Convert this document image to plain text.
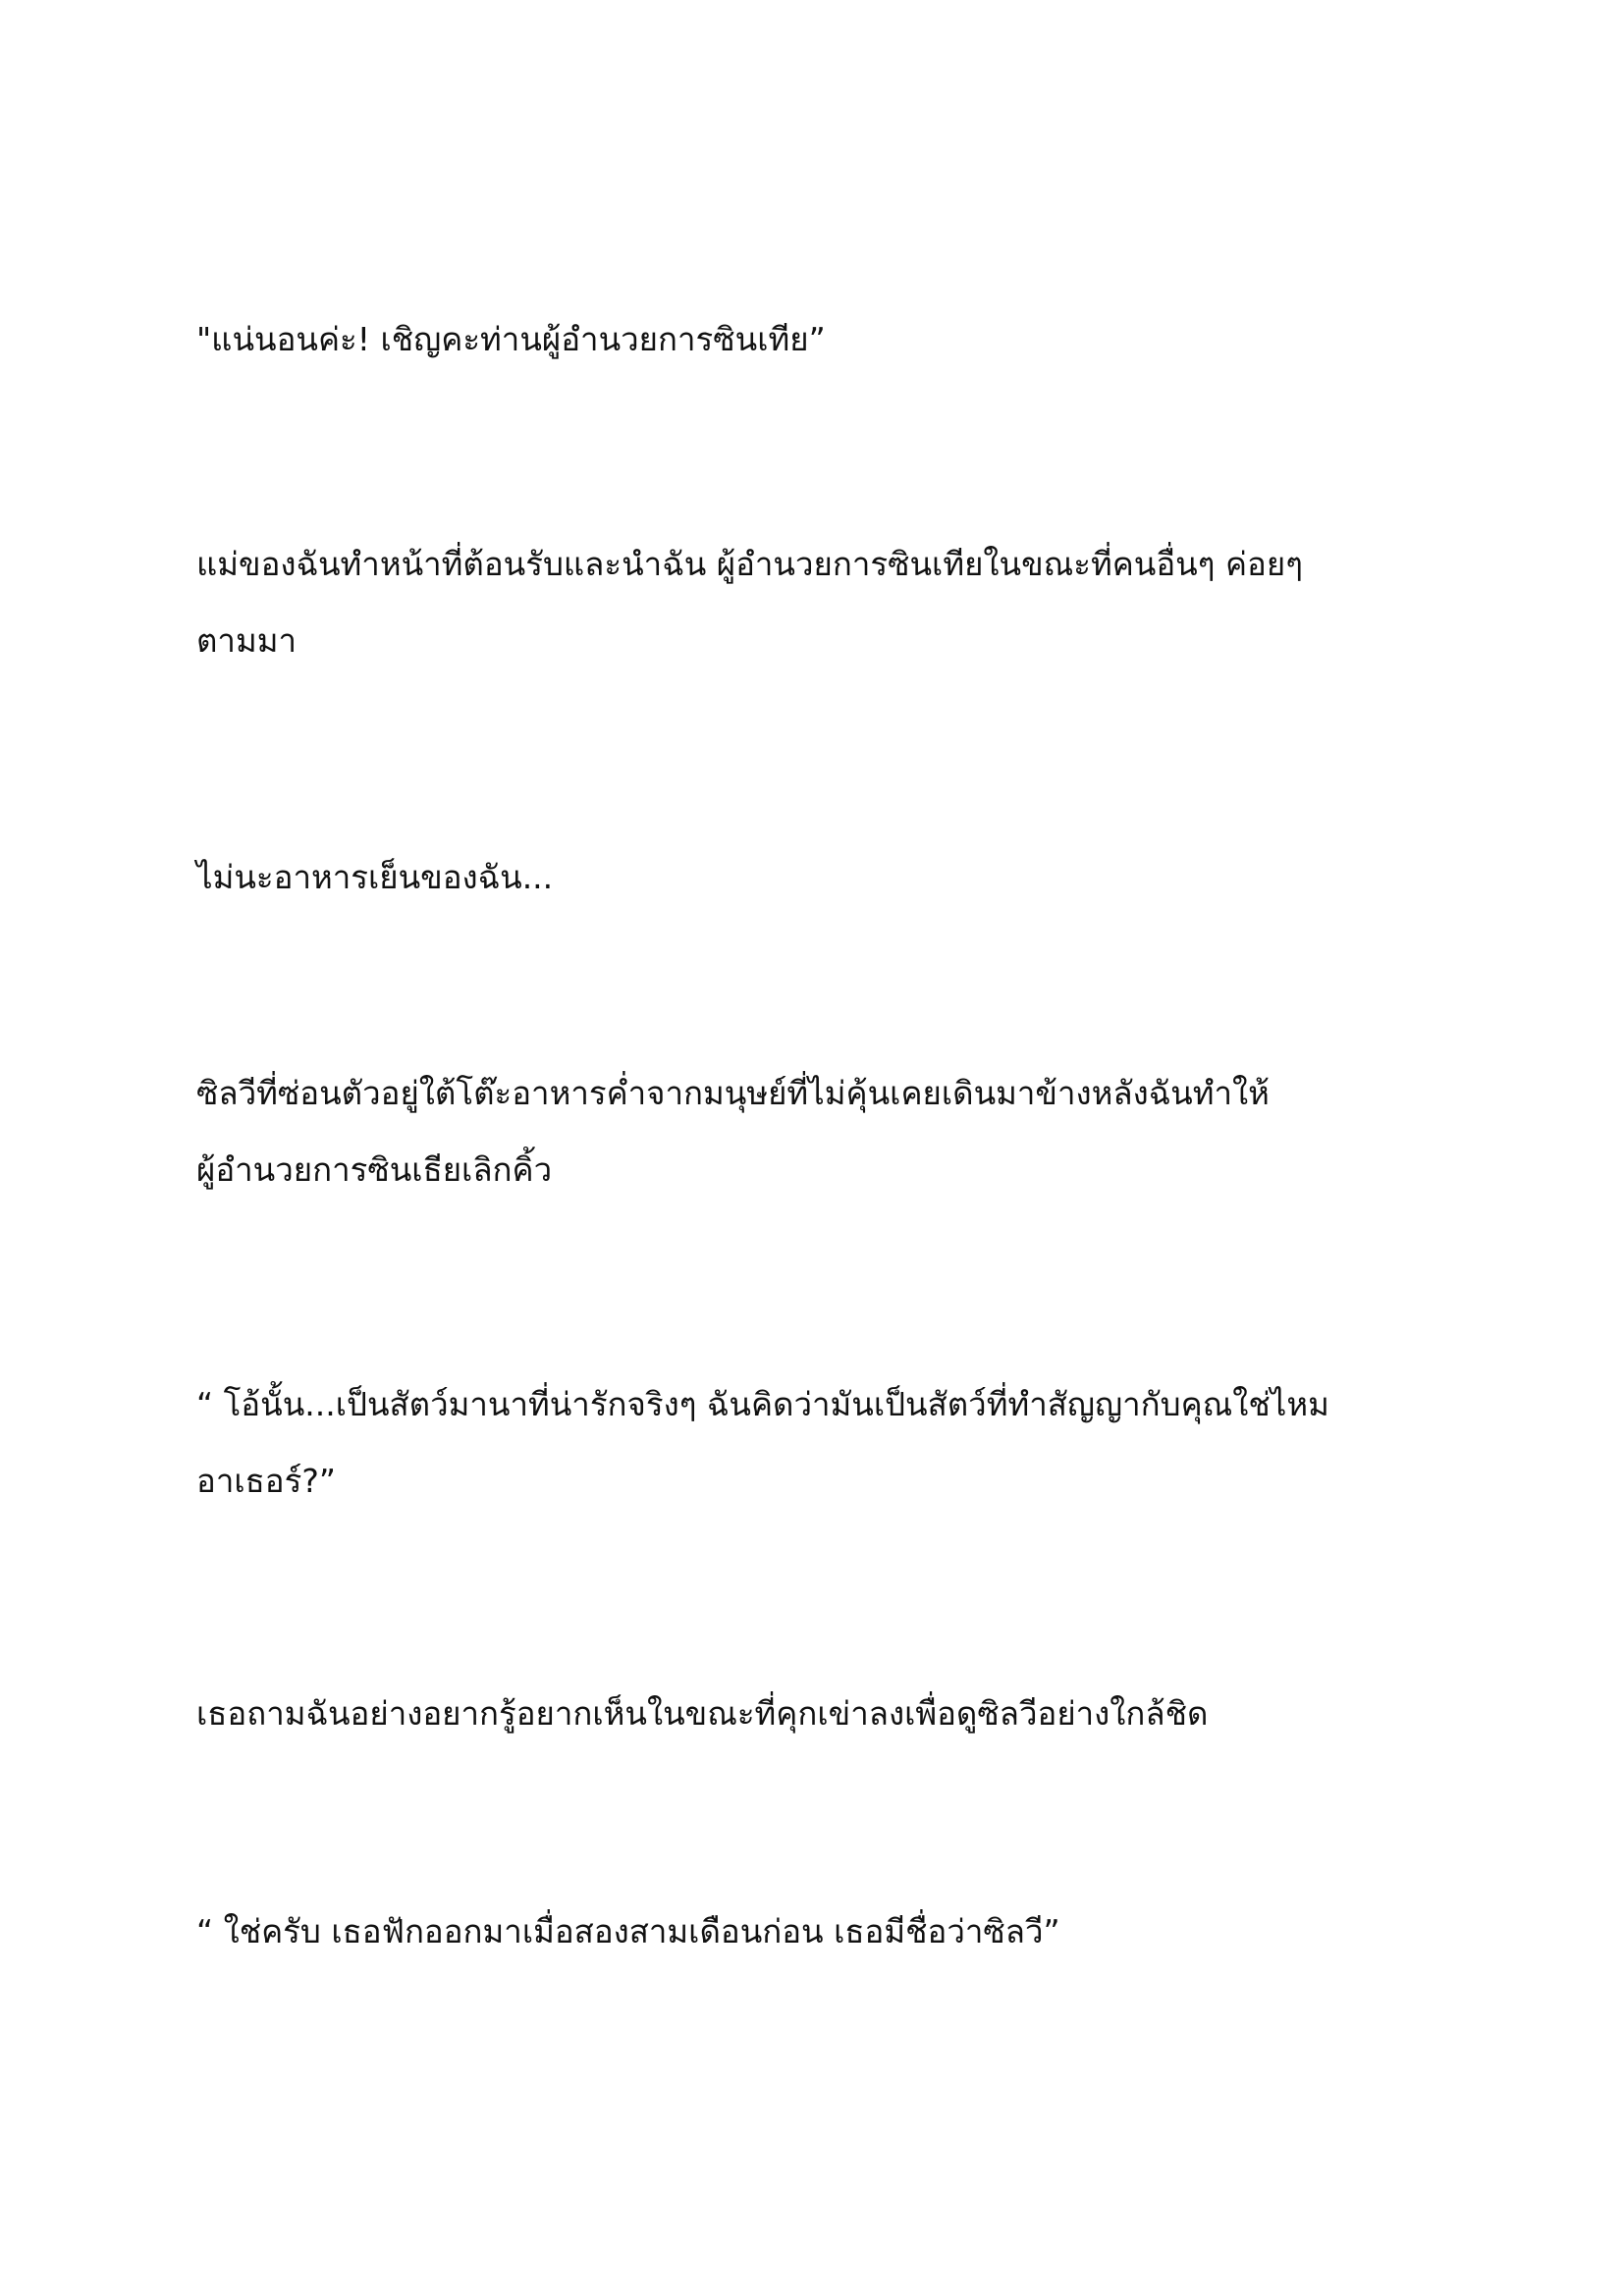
"แน่นอนค่ะ! เชิญคะท่านผู้อำนวยการซินเทีย”

แม่ของฉันทำหน้าที่ต้อนรับและนำฉัน ผู้อำนวยการซินเทียในขณะที่คนอื่นๆ ค่อยๆ
ตามมา

ไม่นะอาหารเย็นของฉัน...

ซิลวีที่ซ่อนตัวอยู่ใต้โต๊ะอาหารค่ำจากมนุษย์ที่ไม่คุ้นเคยเดินมาข้างหลังฉันทำให้
ผู้อำนวยการซินเธียเลิกคิ้ว

“ โอ้นั้น...เป็นสัตว์มานาที่น่ารักจริงๆ ฉันคิดว่ามันเป็นสัตว์ที่ทำสัญญากับคุณใช่ไหม
อาเธอร์?”

เธอถามฉันอย่างอยากรู้อยากเห็นในขณะที่คุกเข่าลงเพื่อดูซิลวีอย่างใกล้ชิด

“ ใช่ครับ เธอฟักออกมาเมื่อสองสามเดือนก่อน เธอมีชื่อว่าซิลวี”
